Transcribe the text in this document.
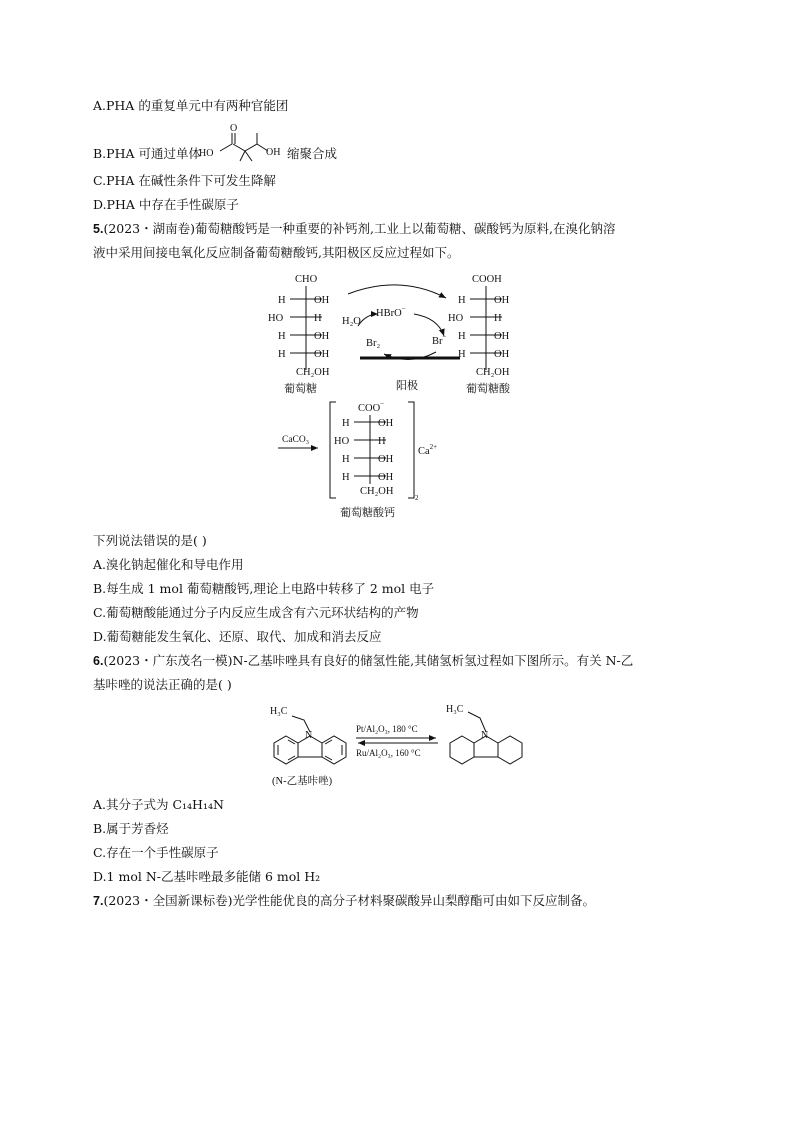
A.PHA 的重复单元中有两种官能团
B.PHA 可通过单体	缩聚合成
O
HO	OH
C.PHA 在碱性条件下可发生降解
D.PHA 中存在手性碳原子
5.(2023・湖南卷)葡萄糖酸钙是一种重要的补钙剂,工业上以葡萄糖、碳酸钙为原料,在溴化钠溶
液中采用间接电氧化反应制备葡萄糖酸钙,其阳极区反应过程如下。
CHO
H	OH
HO	H
H	OH
H	OH
CH₂OH
葡萄糖
HBrO−
H₂O
Br₂	Br−
阳极
COOH
H	OH
HO	H
H	OH
H	OH
CH₂OH
葡萄糖酸
CaCO₃
COO−
H	OH
HO	H
H	OH
H	OH
CH₂OH
2
$Ca^{2+}$
葡萄糖酸钙
下列说法错误的是( )
A.溴化钠起催化和导电作用
B.每生成 1 mol 葡萄糖酸钙,理论上电路中转移了 2 mol 电子
C.葡萄糖酸能通过分子内反应生成含有六元环状结构的产物
D.葡萄糖能发生氧化、还原、取代、加成和消去反应
6.(2023・广东茂名一模)N-乙基咔唑具有良好的储氢性能,其储氢析氢过程如下图所示。有关 N-乙
基咔唑的说法正确的是( )
N
H₃C
(N-乙基咔唑)
Pt/Al₂O₃, 180 °C
Ru/Al₂O₃, 160 °C
N
H₃C
A.其分子式为 C₁₄H₁₄N
B.属于芳香烃
C.存在一个手性碳原子
D.1 mol N-乙基咔唑最多能储 6 mol H₂
7.(2023・全国新课标卷)光学性能优良的高分子材料聚碳酸异山梨醇酯可由如下反应制备。
